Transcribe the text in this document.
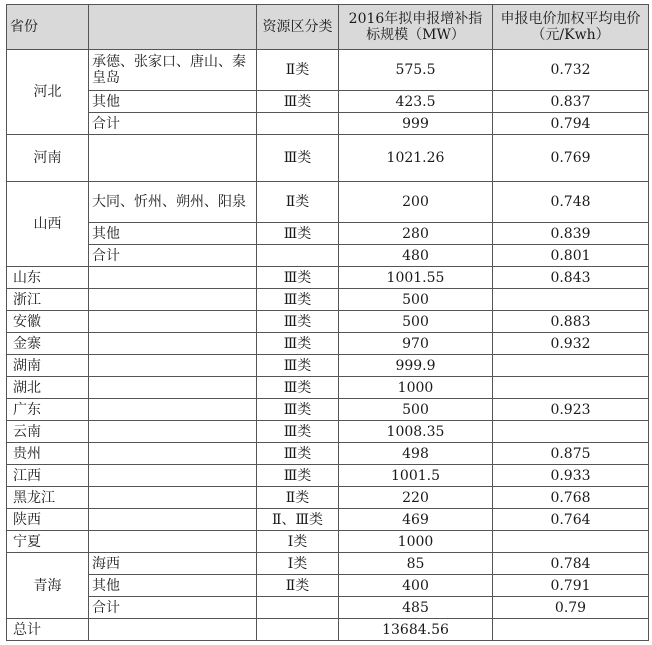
省份		资源区分类	2016年拟申报增补指标规模（MW）	申报电价加权平均电价（元/Kwh）
河北	承德、张家口、唐山、秦皇岛	Ⅱ类	575.5	0.732
	其他	Ⅲ类	423.5	0.837
	合计		999	0.794
河南		Ⅲ类	1021.26	0.769
山西	大同、忻州、朔州、阳泉	Ⅱ类	200	0.748
	其他	Ⅲ类	280	0.839
	合计		480	0.801
山东		Ⅲ类	1001.55	0.843
浙江		Ⅲ类	500	
安徽		Ⅲ类	500	0.883
金寨		Ⅲ类	970	0.932
湖南		Ⅲ类	999.9	
湖北		Ⅲ类	1000	
广东		Ⅲ类	500	0.923
云南		Ⅲ类	1008.35	
贵州		Ⅲ类	498	0.875
江西		Ⅲ类	1001.5	0.933
黑龙江		Ⅱ类	220	0.768
陕西		Ⅱ、Ⅲ类	469	0.764
宁夏		Ⅰ类	1000	
青海	海西	Ⅰ类	85	0.784
	其他	Ⅱ类	400	0.791
	合计		485	0.79
总计			13684.56	
